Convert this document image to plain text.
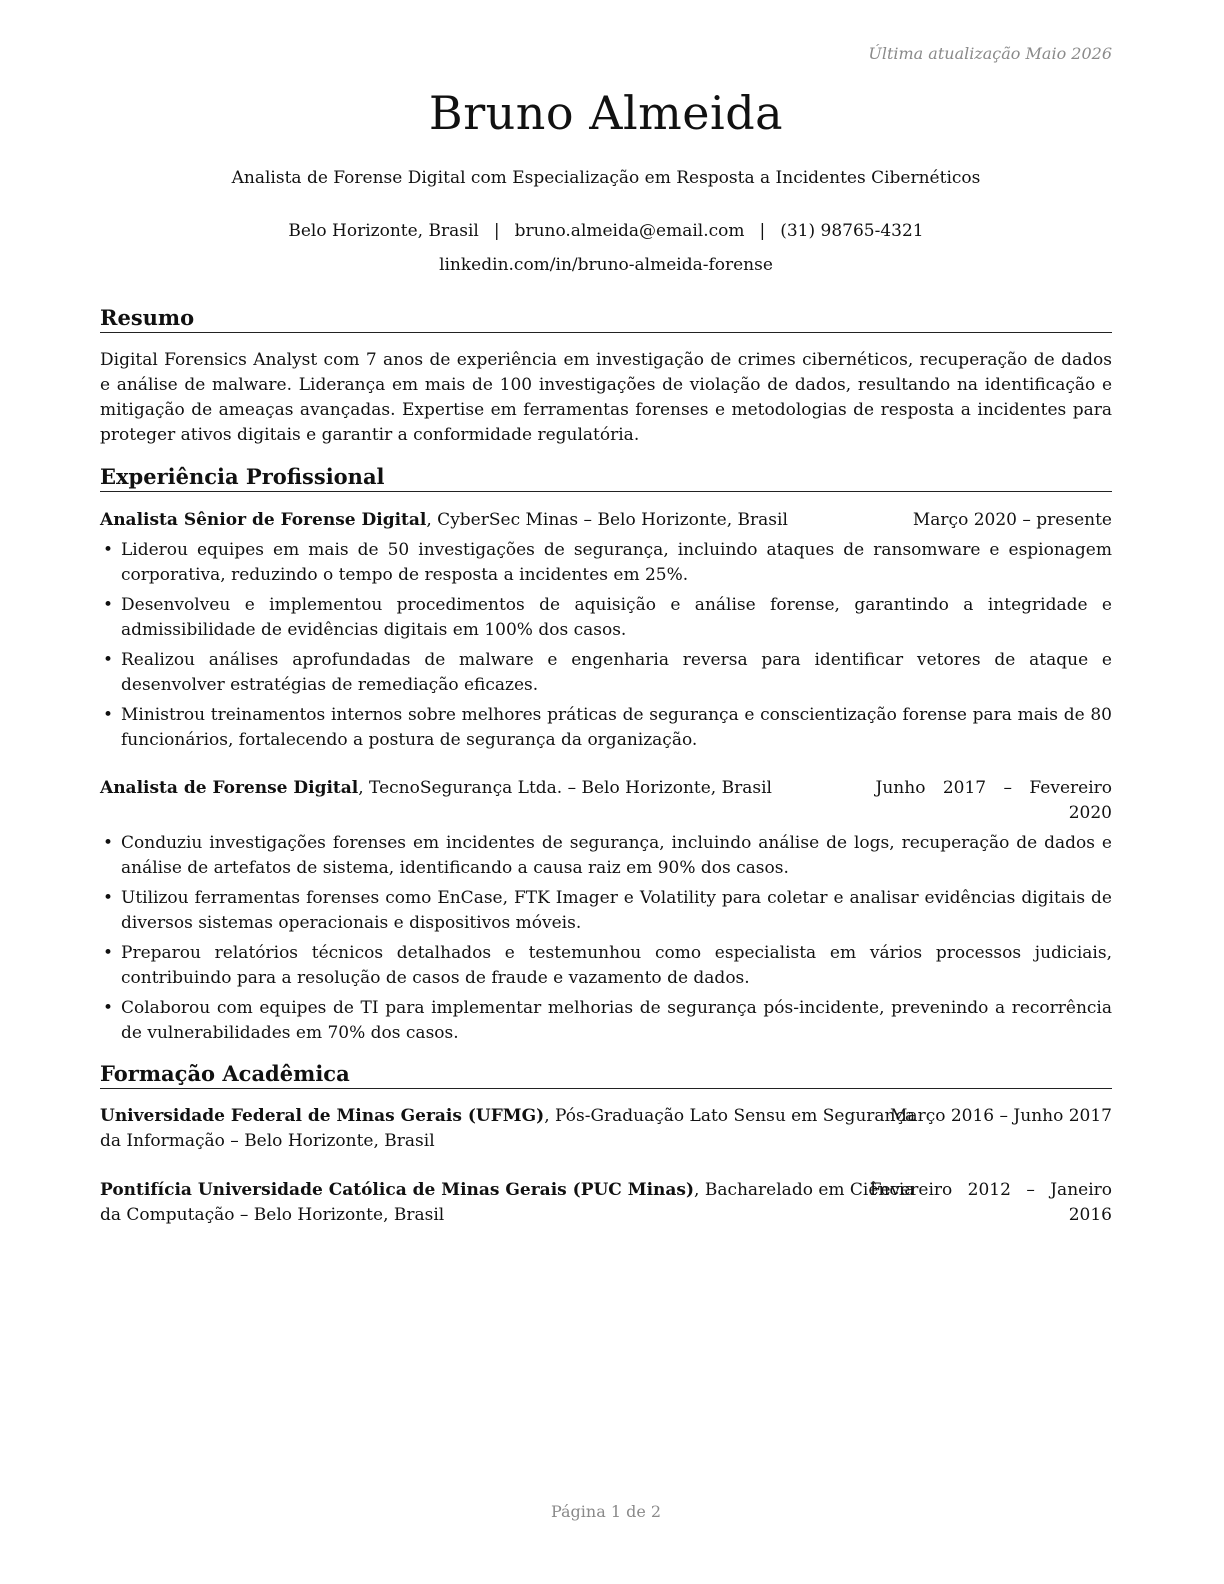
Última atualização Maio 2026
Bruno Almeida
Analista de Forense Digital com Especialização em Resposta a Incidentes Cibernéticos
Belo Horizonte, Brasil | bruno.almeida@email.com | (31) 98765-4321
linkedin.com/in/bruno-almeida-forense
Resumo
Digital Forensics Analyst com 7 anos de experiência em investigação de crimes cibernéticos, recuperação de dados e análise de malware. Liderança em mais de 100 investigações de violação de dados, resultando na identificação e mitigação de ameaças avançadas. Expertise em ferramentas forenses e metodologias de resposta a incidentes para proteger ativos digitais e garantir a conformidade regulatória.
Experiência Profissional
Analista Sênior de Forense Digital, CyberSec Minas – Belo Horizonte, Brasil	Março 2020 – presente
• Liderou equipes em mais de 50 investigações de segurança, incluindo ataques de ransomware e espionagem corporativa, reduzindo o tempo de resposta a incidentes em 25%.
• Desenvolveu e implementou procedimentos de aquisição e análise forense, garantindo a integridade e admissibilidade de evidências digitais em 100% dos casos.
• Realizou análises aprofundadas de malware e engenharia reversa para identificar vetores de ataque e desenvolver estratégias de remediação eficazes.
• Ministrou treinamentos internos sobre melhores práticas de segurança e conscientização forense para mais de 80 funcionários, fortalecendo a postura de segurança da organização.
Analista de Forense Digital, TecnoSegurança Ltda. – Belo Horizonte, Brasil	Junho 2017 – Fevereiro
2020
• Conduziu investigações forenses em incidentes de segurança, incluindo análise de logs, recuperação de dados e análise de artefatos de sistema, identificando a causa raiz em 90% dos casos.
• Utilizou ferramentas forenses como EnCase, FTK Imager e Volatility para coletar e analisar evidências digitais de diversos sistemas operacionais e dispositivos móveis.
• Preparou relatórios técnicos detalhados e testemunhou como especialista em vários processos judiciais, contribuindo para a resolução de casos de fraude e vazamento de dados.
• Colaborou com equipes de TI para implementar melhorias de segurança pós-incidente, prevenindo a recorrência de vulnerabilidades em 70% dos casos.
Formação Acadêmica
Universidade Federal de Minas Gerais (UFMG), Pós-Graduação Lato Sensu em Segurança
da Informação – Belo Horizonte, Brasil
Março 2016 – Junho 2017
Pontifícia Universidade Católica de Minas Gerais (PUC Minas), Bacharelado em Ciência
da Computação – Belo Horizonte, Brasil
Fevereiro 2012 – Janeiro
2016
Página 1 de 2
